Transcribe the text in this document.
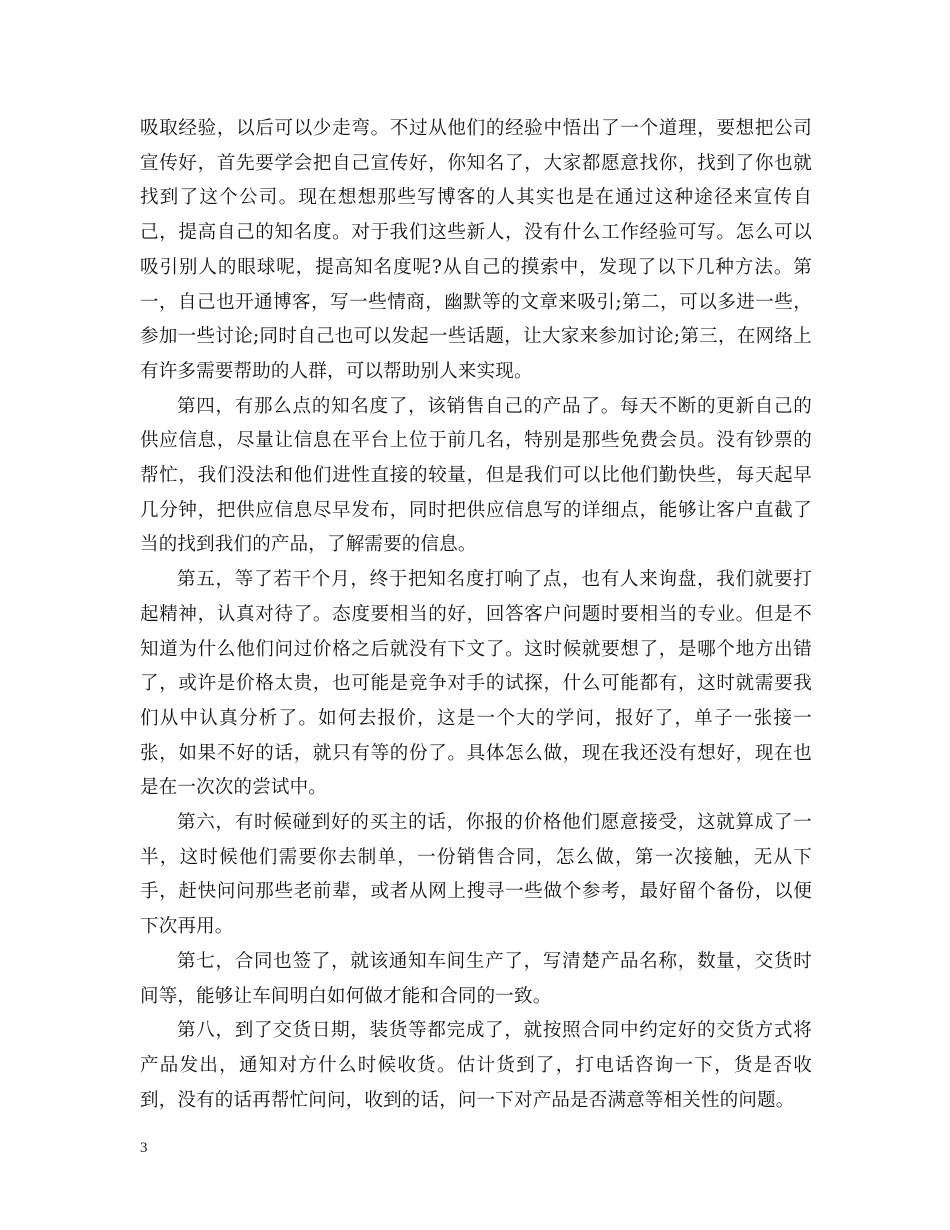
吸取经验，以后可以少走弯。不过从他们的经验中悟出了一个道理，要想把公司宣传好，首先要学会把自己宣传好，你知名了，大家都愿意找你，找到了你也就找到了这个公司。现在想想那些写博客的人其实也是在通过这种途径来宣传自己，提高自己的知名度。对于我们这些新人，没有什么工作经验可写。怎么可以吸引别人的眼球呢，提高知名度呢?从自己的摸索中，发现了以下几种方法。第一，自己也开通博客，写一些情商，幽默等的文章来吸引;第二，可以多进一些，参加一些讨论;同时自己也可以发起一些话题，让大家来参加讨论;第三，在网络上有许多需要帮助的人群，可以帮助别人来实现。

第四，有那么点的知名度了，该销售自己的产品了。每天不断的更新自己的供应信息，尽量让信息在平台上位于前几名，特别是那些免费会员。没有钞票的帮忙，我们没法和他们进性直接的较量，但是我们可以比他们勤快些，每天起早几分钟，把供应信息尽早发布，同时把供应信息写的详细点，能够让客户直截了当的找到我们的产品，了解需要的信息。

第五，等了若干个月，终于把知名度打响了点，也有人来询盘，我们就要打起精神，认真对待了。态度要相当的好，回答客户问题时要相当的专业。但是不知道为什么他们问过价格之后就没有下文了。这时候就要想了，是哪个地方出错了，或许是价格太贵，也可能是竞争对手的试探，什么可能都有，这时就需要我们从中认真分析了。如何去报价，这是一个大的学问，报好了，单子一张接一张，如果不好的话，就只有等的份了。具体怎么做，现在我还没有想好，现在也是在一次次的尝试中。

第六，有时候碰到好的买主的话，你报的价格他们愿意接受，这就算成了一半，这时候他们需要你去制单，一份销售合同，怎么做，第一次接触，无从下手，赶快问问那些老前辈，或者从网上搜寻一些做个参考，最好留个备份，以便下次再用。

第七，合同也签了，就该通知车间生产了，写清楚产品名称，数量，交货时间等，能够让车间明白如何做才能和合同的一致。

第八，到了交货日期，装货等都完成了，就按照合同中约定好的交货方式将产品发出，通知对方什么时候收货。估计货到了，打电话咨询一下，货是否收到，没有的话再帮忙问问，收到的话，问一下对产品是否满意等相关性的问题。

3
